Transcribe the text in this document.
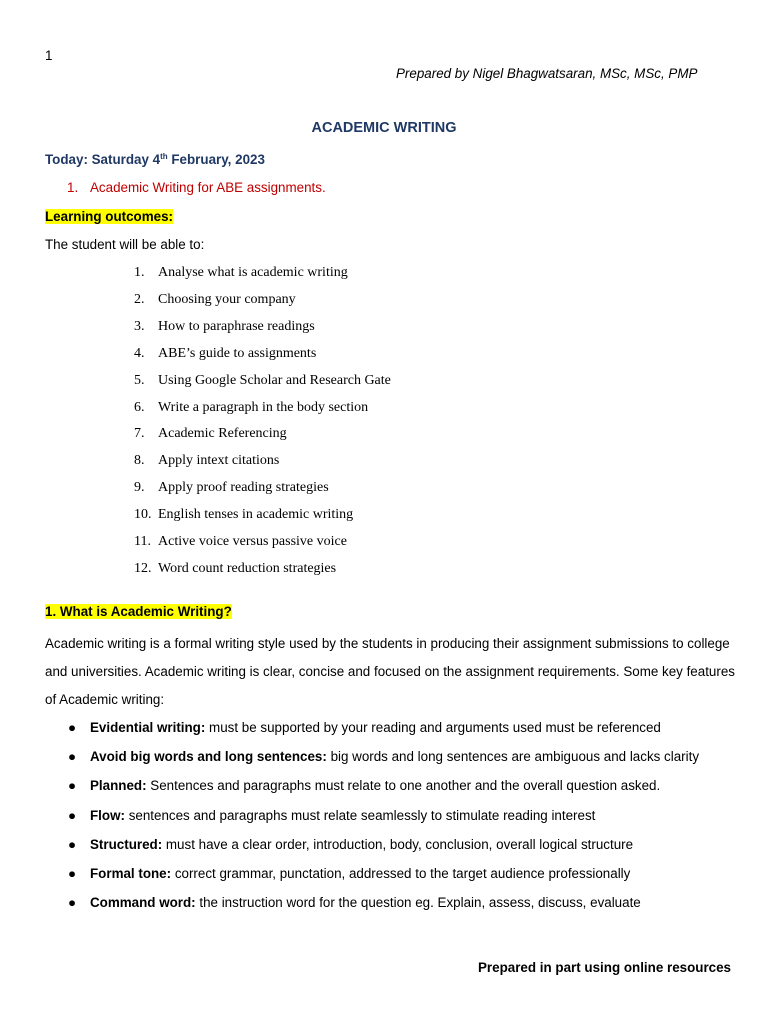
1
Prepared by Nigel Bhagwatsaran, MSc, MSc, PMP
ACADEMIC WRITING
Today: Saturday 4th February, 2023
1. Academic Writing for ABE assignments.
Learning outcomes:
The student will be able to:
1. Analyse what is academic writing
2. Choosing your company
3. How to paraphrase readings
4. ABE’s guide to assignments
5. Using Google Scholar and Research Gate
6. Write a paragraph in the body section
7. Academic Referencing
8. Apply intext citations
9. Apply proof reading strategies
10. English tenses in academic writing
11. Active voice versus passive voice
12. Word count reduction strategies
1. What is Academic Writing?
Academic writing is a formal writing style used by the students in producing their assignment submissions to college and universities. Academic writing is clear, concise and focused on the assignment requirements. Some key features of Academic writing:
● Evidential writing: must be supported by your reading and arguments used must be referenced
● Avoid big words and long sentences: big words and long sentences are ambiguous and lacks clarity
● Planned: Sentences and paragraphs must relate to one another and the overall question asked.
● Flow: sentences and paragraphs must relate seamlessly to stimulate reading interest
● Structured: must have a clear order, introduction, body, conclusion, overall logical structure
● Formal tone: correct grammar, punctation, addressed to the target audience professionally
● Command word: the instruction word for the question eg. Explain, assess, discuss, evaluate
Prepared in part using online resources
